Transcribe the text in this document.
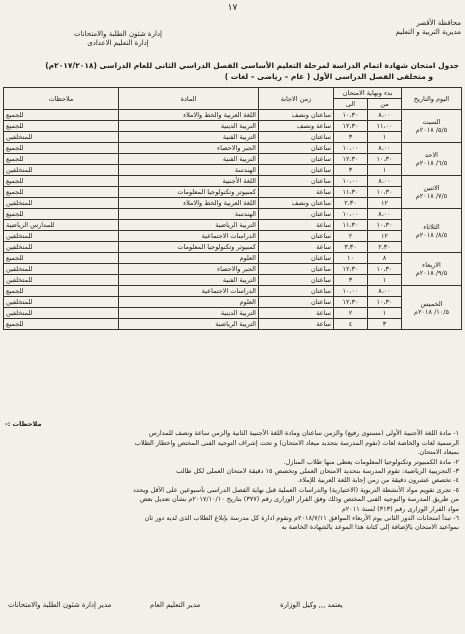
١٧
محافظة الأقصر
مديرية التربية و التعليم
إدارة شئون الطلبة والامتحانات
إدارة التعليم الاعدادى
جدول امتحان شهادة اتمام الدراسة لمرحلة التعليم الأساسى الفصل الدراسي الثانى للعام الدراسى (٢٠١٧/٢٠١٨م)
و متخلفى الفصل الدراسى الأول ( عام – رياضى – لغات )
اليوم والتاريخ	بدء ونهاية الامتحان		زمن الاجابة	المادة	ملاحظات
	من	الى			
السبت
٥/٥/ ٢٠١٨م	٨،٠٠	١٠،٣٠	ساعتان ونصف	اللغة العربية والخط والاملاء	للجميع
	١١،٠٠	١٢،٣٠	ساعة ونصف	التربية الدينية	للجميع
	١	٣	ساعتان	التربية الفنية	للمتخلفين
الاحد
٦/٥/ ٢٠١٨م	٨،٠٠	١٠،٠٠	ساعتان	الجبر والاحصاء	للجميع
	١٠،٣٠	١٢،٣٠	ساعتان	التربية الفنية	للجميع
	١	٣	ساعتان	الهندسة	للمتخلفين
الاثنين
٧/٥/ ٢٠١٨م	٨،٠٠	١٠،٠٠	ساعتان	اللغة الأجنبية	للجميع
	١٠،٣٠	١١،٣٠	ساعة	كمبيوتر وتكنولوجيا المعلومات	للجميع
	١٢	٢،٣٠	ساعتان ونصف	اللغة العربية والخط والاملاء	للمتخلفين
الثلاثاء
٨/٥/ ٢٠١٨م	٨،٠٠	١٠،٠٠	ساعتان	الهندسة	للجميع
	١٠،٣٠	١١،٣٠	ساعة	التربية الرياضية	للمدارس الرياضية
	١٢	٢	ساعتان	الدراسات الاجتماعية	للمتخلفين
	٢،٣٠	٣،٣٠	ساعة	كمبيوتر وتكنولوجيا المعلومات	للمتخلفين
الاربعاء
٩/٥/ ٢٠١٨م	٨	١٠	ساعتان	العلوم	للجميع
	١٠،٣٠	١٢،٣٠	ساعتان	الجبر والاحصاء	للمتخلفين
	١	٣	ساعتان	التربية الفنية	للمتخلفين
الخميس
١٠/٥/ ٢٠١٨م	٨،٠٠	١٠،٠٠	ساعتان	الدراسات الاجتماعية	للجميع
	١٠،٣٠	١٢،٣٠	ساعتان	العلوم	للمتخلفين
	١	٢	ساعة	التربية الدينية	للمتخلفين
	٣	٤	ساعة	التربية الرياضية	للجميع
ملاحظات :-
١- مادة اللغة الأجنبية الأولى (مستوى رفيع) والزمن ساعتان ومادة اللغة الأجنبية الثانية والزمن ساعة ونصف للمدارس
الرسمية لغات والخاصة لغات (تقوم المدرسة بتحديد ميعاد الامتحان) و تحت إشراف التوجيه الفنى المختص واخطار الطلاب
بميعاد الامتحان.
٢- مادة الكمبيوتر وتكنولوجيا المعلومات يعطى منها طلاب المنازل.
٣- التجريبية الرياضية: تقوم المدرسة بتحديد الامتحان العملى وتخصص ١٥ دقيقة لامتحان العملى لكل طالب
٤- تخصص عشرون دقيقة من زمن إجابة اللغة العربية للإملاء.
٥- تجرى تقويم مواد الأنشطة التربوية (الاختيارية) والدراسات العملية قبل نهاية الفصل الدراسى بأسبوعين على الأقل ويحدد
من طريق المدرسة والتوجيه الفنى المختص وذلك وفق القرار الوزارى رقم (٣٧٧) بتاريخ ٢٠١٧/١٠/١٠م بشأن تعديل بعض
مواد القرار الوزارى رقم (٣١٣) لسنة ٢٠١١م
٦- تبدأ امتحانات الدور الثانى يوم الأربعاء الموافق ٢٠١٨/٧/١١م وتقوم ادارة كل مدرسة بإبلاغ الطلاب الذى لديه دور ثان
بمواعيد الامتحان بالإضافة إلى كتابة هذا الموعد بالشهادة الخاصة به
مدير إدارة شئون الطلبة والامتحانات	مدير التعليم العام	يعتمد ,,, وكيل الوزارة
